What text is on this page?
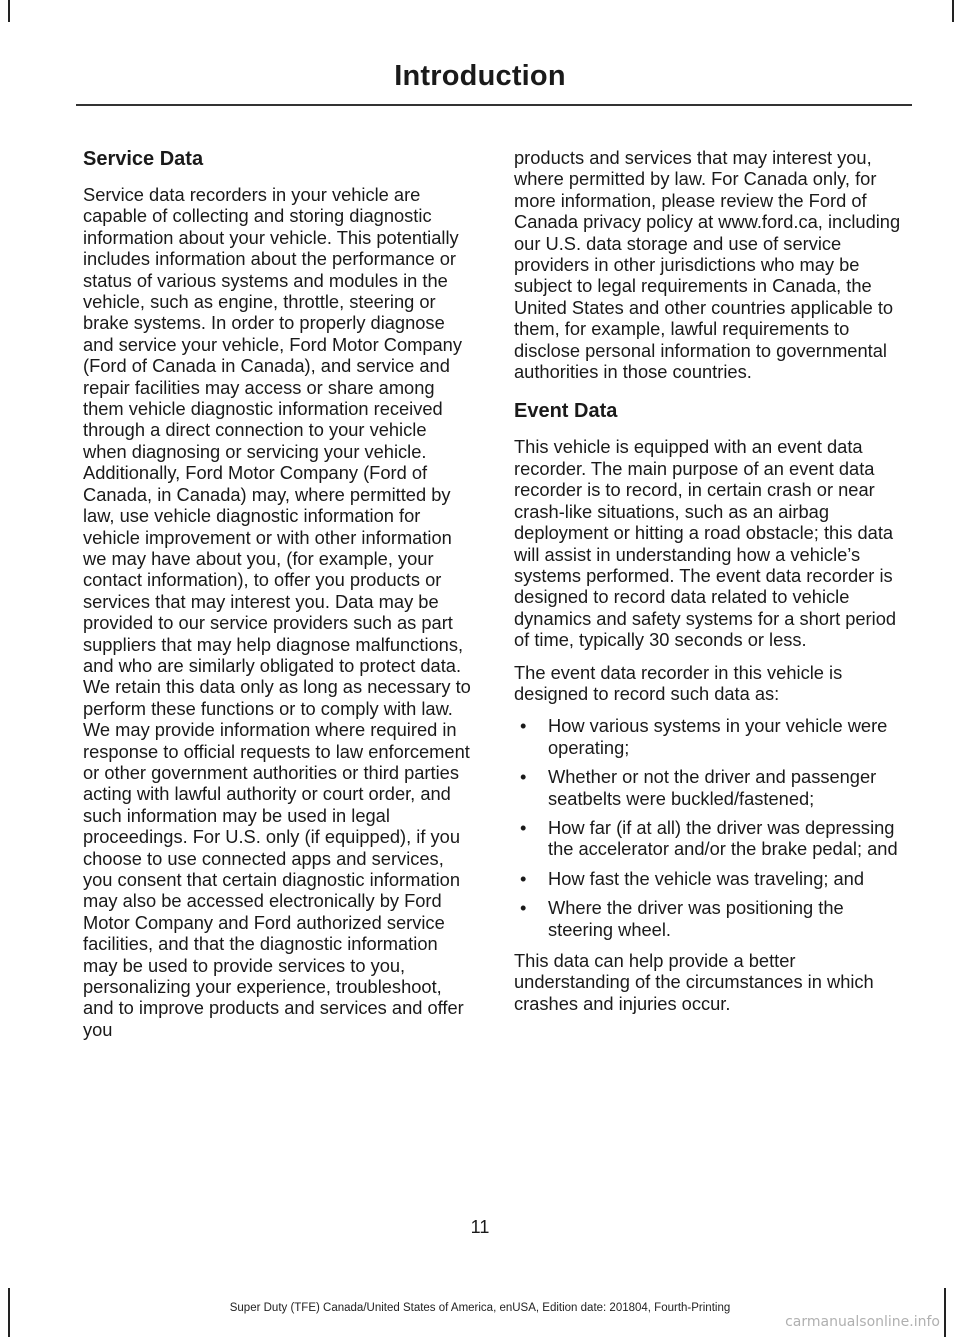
Introduction
Service Data

Service data recorders in your vehicle are capable of collecting and storing diagnostic information about your vehicle. This potentially includes information about the performance or status of various systems and modules in the vehicle, such as engine, throttle, steering or brake systems. In order to properly diagnose and service your vehicle, Ford Motor Company (Ford of Canada in Canada), and service and repair facilities may access or share among them vehicle diagnostic information received through a direct connection to your vehicle when diagnosing or servicing your vehicle. Additionally, Ford Motor Company (Ford of Canada, in Canada) may, where permitted by law, use vehicle diagnostic information for vehicle improvement or with other information we may have about you, (for example, your contact information), to offer you products or services that may interest you. Data may be provided to our service providers such as part suppliers that may help diagnose malfunctions, and who are similarly obligated to protect data. We retain this data only as long as necessary to perform these functions or to comply with law. We may provide information where required in response to official requests to law enforcement or other government authorities or third parties acting with lawful authority or court order, and such information may be used in legal proceedings. For U.S. only (if equipped), if you choose to use connected apps and services, you consent that certain diagnostic information may also be accessed electronically by Ford Motor Company and Ford authorized service facilities, and that the diagnostic information may be used to provide services to you, personalizing your experience, troubleshoot, and to improve products and services and offer you

products and services that may interest you, where permitted by law. For Canada only, for more information, please review the Ford of Canada privacy policy at www.ford.ca, including our U.S. data storage and use of service providers in other jurisdictions who may be subject to legal requirements in Canada, the United States and other countries applicable to them, for example, lawful requirements to disclose personal information to governmental authorities in those countries.

Event Data

This vehicle is equipped with an event data recorder. The main purpose of an event data recorder is to record, in certain crash or near crash-like situations, such as an airbag deployment or hitting a road obstacle; this data will assist in understanding how a vehicle’s systems performed. The event data recorder is designed to record data related to vehicle dynamics and safety systems for a short period of time, typically 30 seconds or less.

The event data recorder in this vehicle is designed to record such data as:

• How various systems in your vehicle were operating;
• Whether or not the driver and passenger seatbelts were buckled/fastened;
• How far (if at all) the driver was depressing the accelerator and/or the brake pedal; and
• How fast the vehicle was traveling; and
• Where the driver was positioning the steering wheel.

This data can help provide a better understanding of the circumstances in which crashes and injuries occur.

11
Super Duty (TFE) Canada/United States of America, enUSA, Edition date: 201804, Fourth-Printing
carmanualsonline.info
